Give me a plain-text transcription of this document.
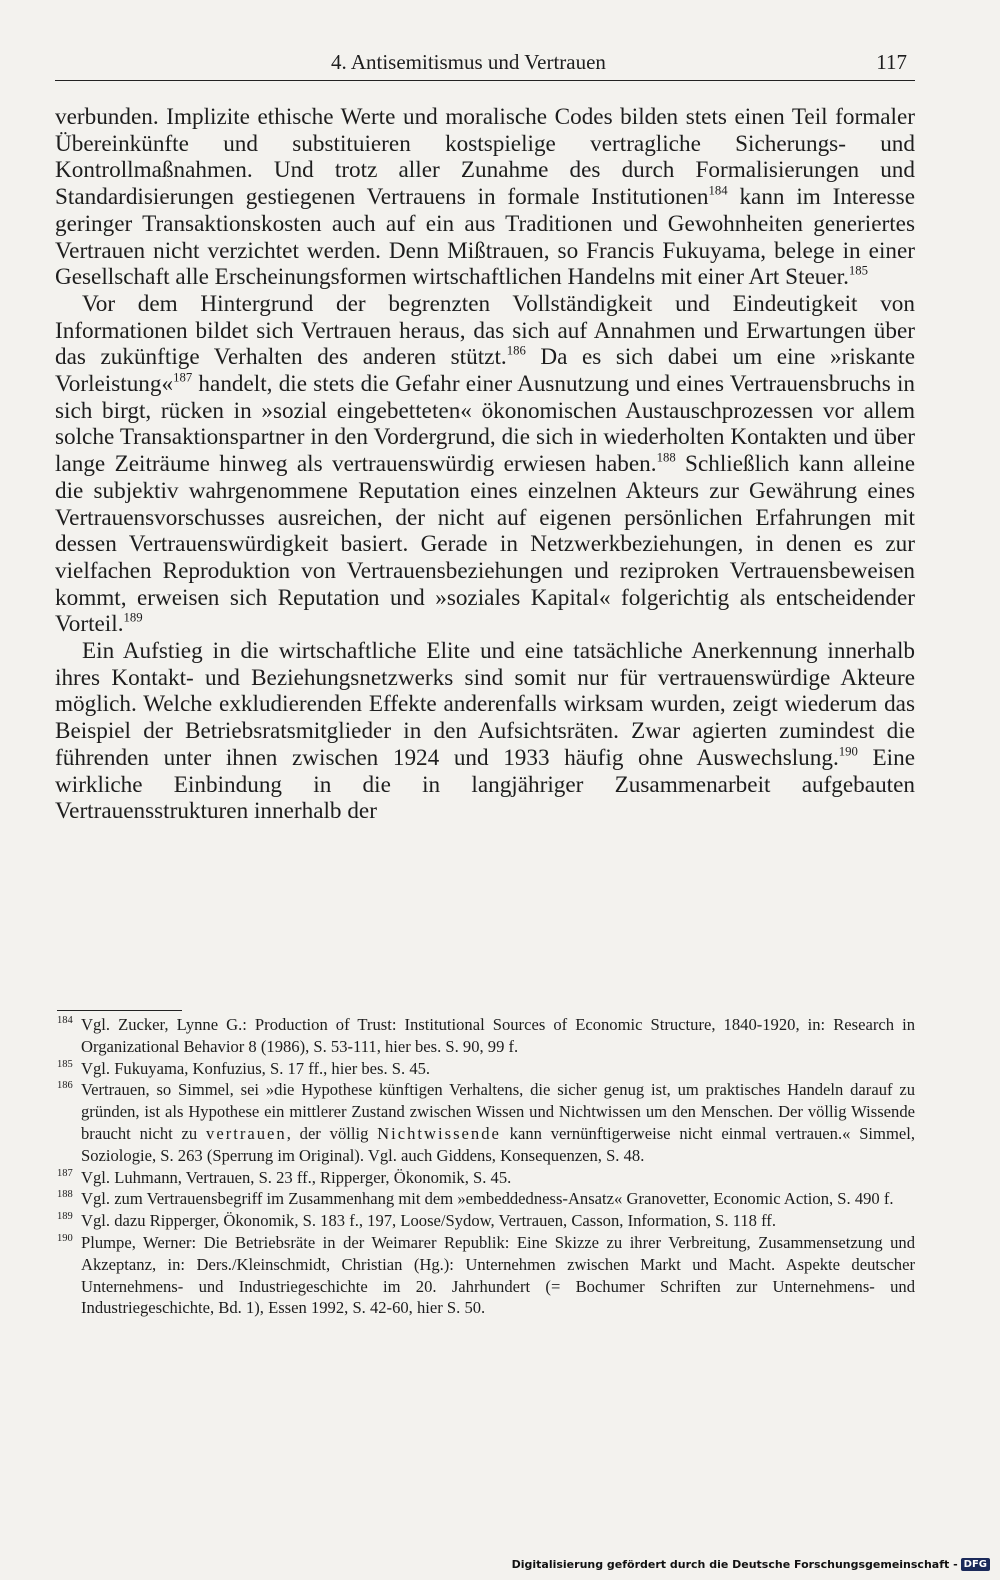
4. Antisemitismus und Vertrauen	117

verbunden. Implizite ethische Werte und moralische Codes bilden stets einen Teil formaler Übereinkünfte und substituieren kostspielige vertragliche Sicherungs- und Kontrollmaßnahmen. Und trotz aller Zunahme des durch Formalisierungen und Standardisierungen gestiegenen Vertrauens in formale Institutionen$^{184}$ kann im Interesse geringer Transaktionskosten auch auf ein aus Traditionen und Gewohnheiten generiertes Vertrauen nicht verzichtet werden. Denn Mißtrauen, so Francis Fukuyama, belege in einer Gesellschaft alle Erscheinungsformen wirtschaftlichen Handelns mit einer Art Steuer.$^{185}$

Vor dem Hintergrund der begrenzten Vollständigkeit und Eindeutigkeit von Informationen bildet sich Vertrauen heraus, das sich auf Annahmen und Erwartungen über das zukünftige Verhalten des anderen stützt.$^{186}$ Da es sich dabei um eine »riskante Vorleistung«$^{187}$ handelt, die stets die Gefahr einer Ausnutzung und eines Vertrauensbruchs in sich birgt, rücken in »sozial eingebetteten« ökonomischen Austauschprozessen vor allem solche Transaktionspartner in den Vordergrund, die sich in wiederholten Kontakten und über lange Zeiträume hinweg als vertrauenswürdig erwiesen haben.$^{188}$ Schließlich kann alleine die subjektiv wahrgenommene Reputation eines einzelnen Akteurs zur Gewährung eines Vertrauensvorschusses ausreichen, der nicht auf eigenen persönlichen Erfahrungen mit dessen Vertrauenswürdigkeit basiert. Gerade in Netzwerkbeziehungen, in denen es zur vielfachen Reproduktion von Vertrauensbeziehungen und reziproken Vertrauensbeweisen kommt, erweisen sich Reputation und »soziales Kapital« folgerichtig als entscheidender Vorteil.$^{189}$

Ein Aufstieg in die wirtschaftliche Elite und eine tatsächliche Anerkennung innerhalb ihres Kontakt- und Beziehungsnetzwerks sind somit nur für vertrauenswürdige Akteure möglich. Welche exkludierenden Effekte anderenfalls wirksam wurden, zeigt wiederum das Beispiel der Betriebsratsmitglieder in den Aufsichtsräten. Zwar agierten zumindest die führenden unter ihnen zwischen 1924 und 1933 häufig ohne Auswechslung.$^{190}$ Eine wirkliche Einbindung in die in langjähriger Zusammenarbeit aufgebauten Vertrauensstrukturen innerhalb der

184 Vgl. Zucker, Lynne G.: Production of Trust: Institutional Sources of Economic Structure, 1840-1920, in: Research in Organizational Behavior 8 (1986), S. 53-111, hier bes. S. 90, 99 f.
185 Vgl. Fukuyama, Konfuzius, S. 17 ff., hier bes. S. 45.
186 Vertrauen, so Simmel, sei »die Hypothese künftigen Verhaltens, die sicher genug ist, um praktisches Handeln darauf zu gründen, ist als Hypothese ein mittlerer Zustand zwischen Wissen und Nichtwissen um den Menschen. Der völlig Wissende braucht nicht zu vertrauen, der völlig Nichtwissende kann vernünftigerweise nicht einmal vertrauen.« Simmel, Soziologie, S. 263 (Sperrung im Original). Vgl. auch Giddens, Konsequenzen, S. 48.
187 Vgl. Luhmann, Vertrauen, S. 23 ff., Ripperger, Ökonomik, S. 45.
188 Vgl. zum Vertrauensbegriff im Zusammenhang mit dem »embeddedness-Ansatz« Granovetter, Economic Action, S. 490 f.
189 Vgl. dazu Ripperger, Ökonomik, S. 183 f., 197, Loose/Sydow, Vertrauen, Casson, Information, S. 118 ff.
190 Plumpe, Werner: Die Betriebsräte in der Weimarer Republik: Eine Skizze zu ihrer Verbreitung, Zusammensetzung und Akzeptanz, in: Ders./Kleinschmidt, Christian (Hg.): Unternehmen zwischen Markt und Macht. Aspekte deutscher Unternehmens- und Industriegeschichte im 20. Jahrhundert (= Bochumer Schriften zur Unternehmens- und Industriegeschichte, Bd. 1), Essen 1992, S. 42-60, hier S. 50.
Digitalisierung gefördert durch die Deutsche Forschungsgemeinschaft - DFG
